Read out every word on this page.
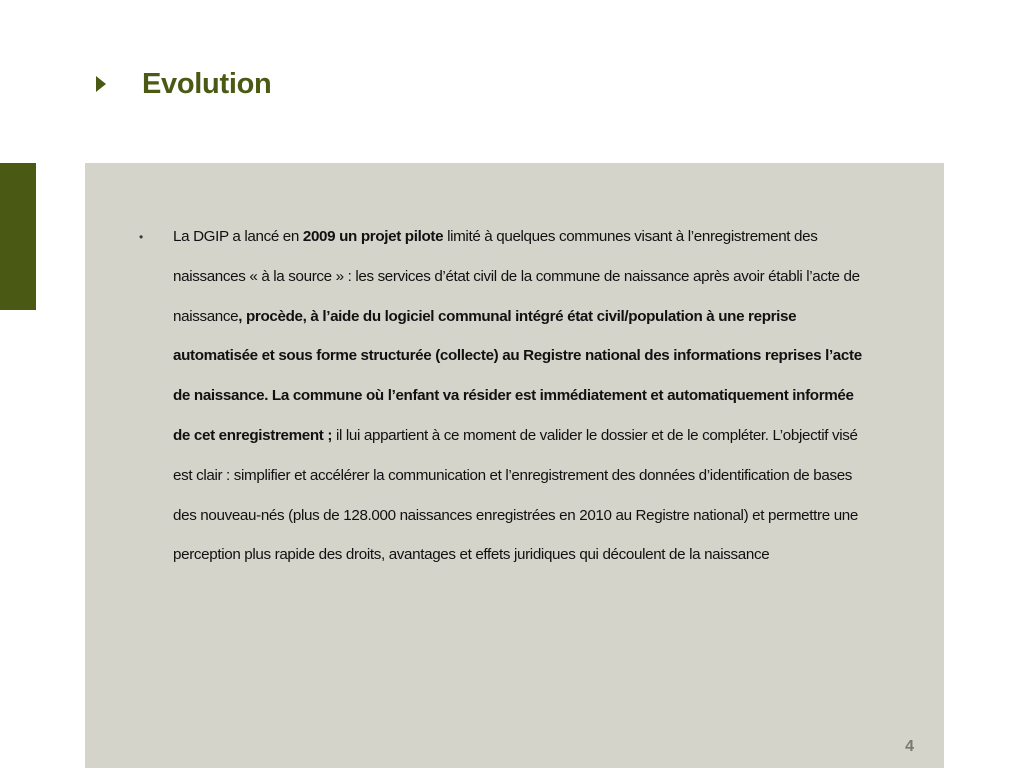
Evolution
•	La DGIP a lancé en 2009 un projet pilote limité à quelques communes visant à l’enregistrement des naissances « à la source » : les services d’état civil de la commune de naissance après avoir établi l’acte de naissance, procède, à l’aide du logiciel communal intégré état civil/population à une reprise automatisée et sous forme structurée (collecte) au Registre national des informations reprises l’acte de naissance. La commune où l’enfant va résider est immédiatement et automatiquement informée de cet enregistrement ; il lui appartient à ce moment de valider le dossier et de le compléter. L’objectif visé est clair : simplifier et accélérer la communication et l’enregistrement des données d’identification de bases des nouveau-nés (plus de 128.000 naissances enregistrées en 2010 au Registre national) et permettre une perception plus rapide des droits, avantages et effets juridiques qui découlent de la naissance
4
